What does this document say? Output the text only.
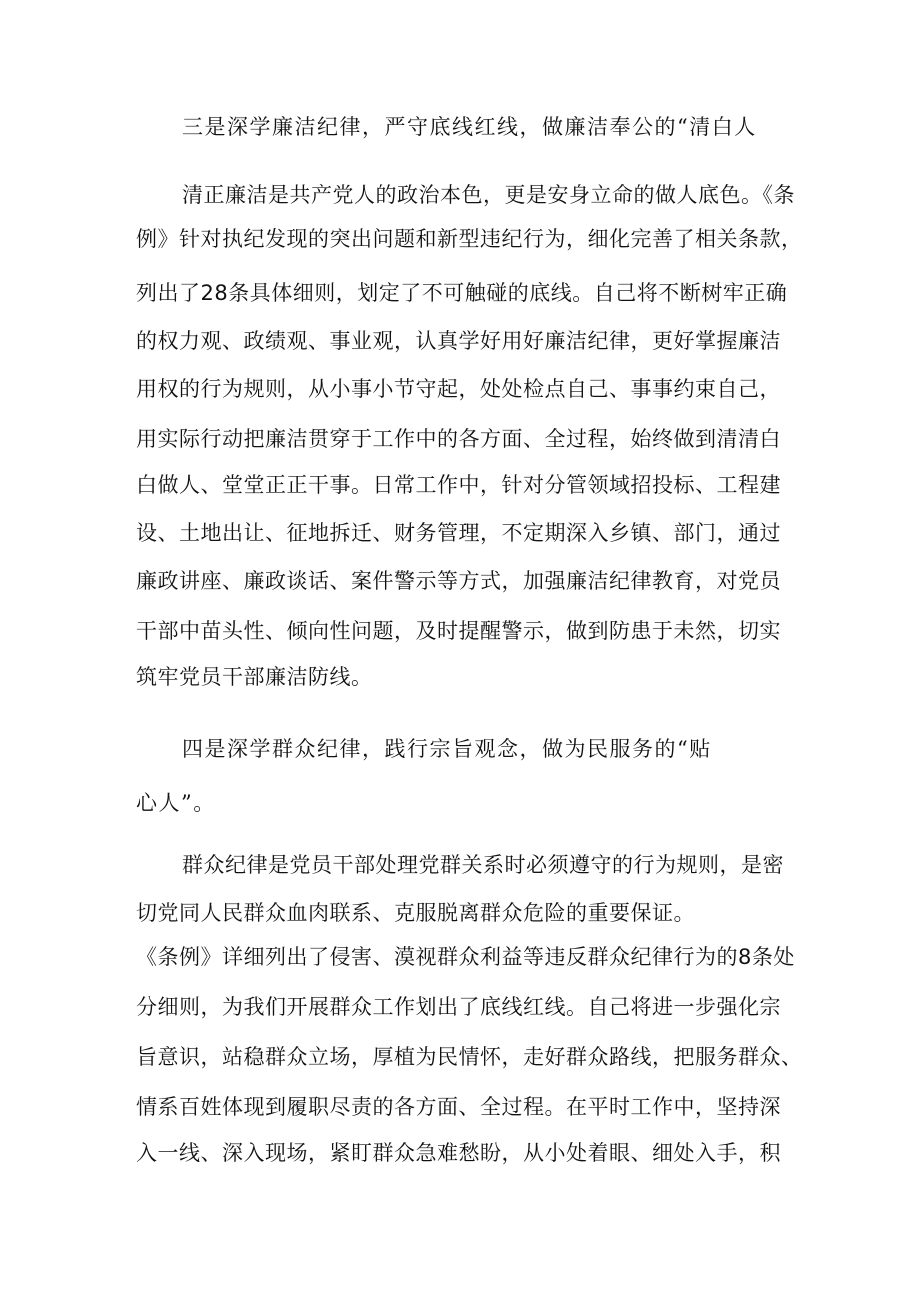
三是深学廉洁纪律，严守底线红线，做廉洁奉公的“清白人
清正廉洁是共产党人的政治本色，更是安身立命的做人底色。《条
例》针对执纪发现的突出问题和新型违纪行为，细化完善了相关条款，
列出了28条具体细则，划定了不可触碰的底线。自己将不断树牢正确
的权力观、政绩观、事业观，认真学好用好廉洁纪律，更好掌握廉洁
用权的行为规则，从小事小节守起，处处检点自己、事事约束自己，
用实际行动把廉洁贯穿于工作中的各方面、全过程，始终做到清清白
白做人、堂堂正正干事。日常工作中，针对分管领域招投标、工程建
设、土地出让、征地拆迁、财务管理，不定期深入乡镇、部门，通过
廉政讲座、廉政谈话、案件警示等方式，加强廉洁纪律教育，对党员
干部中苗头性、倾向性问题，及时提醒警示，做到防患于未然，切实
筑牢党员干部廉洁防线。
四是深学群众纪律，践行宗旨观念，做为民服务的“贴
心人”。
群众纪律是党员干部处理党群关系时必须遵守的行为规则，是密
切党同人民群众血肉联系、克服脱离群众危险的重要保证。
《条例》详细列出了侵害、漠视群众利益等违反群众纪律行为的8条处
分细则，为我们开展群众工作划出了底线红线。自己将进一步强化宗
旨意识，站稳群众立场，厚植为民情怀，走好群众路线，把服务群众、
情系百姓体现到履职尽责的各方面、全过程。在平时工作中，坚持深
入一线、深入现场，紧盯群众急难愁盼，从小处着眼、细处入手，积
